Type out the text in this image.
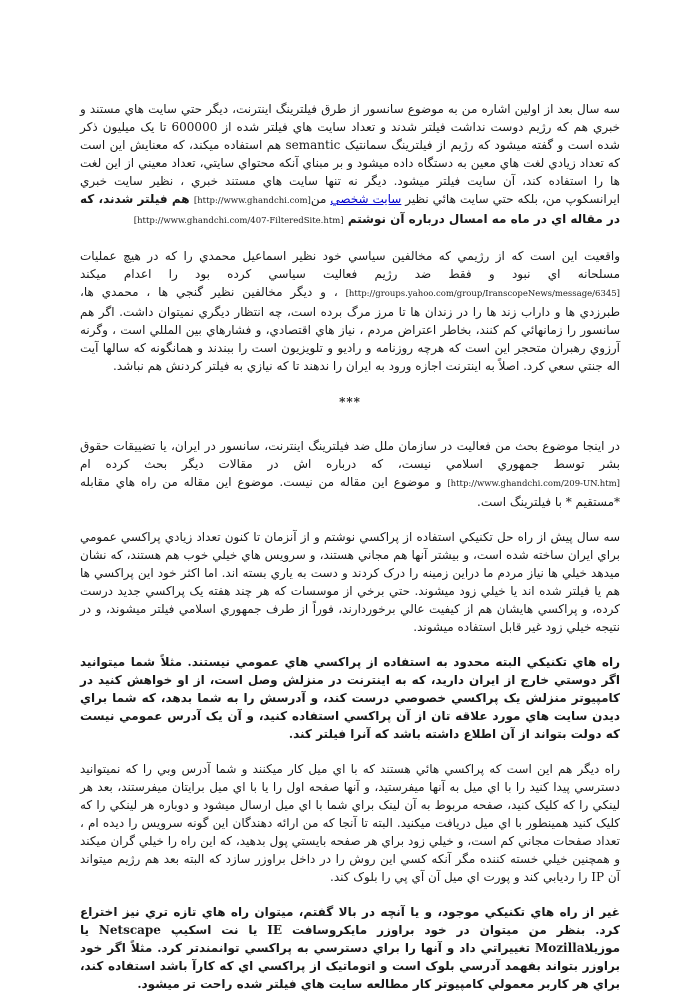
سه سال بعد از اولين اشاره من به موضوع سانسور از طرق فيلترينگ اينترنت، ديگر حتي سايت هاي مستند و خبري هم كه رژيم دوست نداشت فيلتر شدند و تعداد سايت هاي فيلتر شده از 600000 تا يک ميليون ذكر شده است و گفته ميشود كه رژيم از فيلترينگ سمانتيک semantic هم استفاده ميكند، كه معنايش اين است كه تعداد زيادي لغت هاي معين به دستگاه داده ميشود و بر مبناي آنكه محتواي سايتي، تعداد معيني از اين لغت ها را استفاده كند، آن سايت فيلتر ميشود. ديگر نه تنها سايت هاي مستند خبري ، نظير سايت خبري ايرانسكوپ من، بلكه حتي سايت هائي نظير سايت شخصي من[http://www.ghandchi.com] هم فيلتر شدند، كه در مقاله اي در ماه مه امسال درباره آن نوشتم [http://www.ghandchi.com/407-FilteredSite.htm]

واقعيت اين است كه از رژيمي كه مخالفين سياسي خود نظير اسماعيل محمدي را كه در هيچ عمليات مسلحانه اي نبود و فقط ضد رژيم فعاليت سياسي كرده بود را اعدام ميكند [http://groups.yahoo.com/group/IranscopeNews/message/6345] ، و ديگر مخالفين نظير گنجي ها ، محمدي ها، طبرزدي ها و داراب زند ها را در زندان ها تا مرز مرگ برده است، چه انتظار ديگري نميتوان داشت. اگر هم سانسور را زمانهائي كم كنند، بخاطر اعتراض مردم ، نياز هاي اقتصادي، و فشارهاي بين المللي است ، وگرنه آرزوي رهبران متحجر اين است كه هرچه روزنامه و راديو و تلويزيون است را ببندند و همانگونه كه سالها آيت اله جنتي سعي كرد. اصلاً به اينترنت اجازه ورود به ايران را ندهند تا كه نيازي به فيلتر كردنش هم نباشد.

***

در اينجا موضوع بحث من فعاليت در سازمان ملل ضد فيلترينگ اينترنت، سانسور در ايران، يا تضييقات حقوق بشر توسط جمهوري اسلامي نيست، كه درباره اش در مقالات ديگر بحث كرده ام [http://www.ghandchi.com/209-UN.htm] و موضوع اين مقاله من نيست. موضوع اين مقاله من راه هاي مقابله *مستقيم * با فيلترينگ است.

سه سال پيش از راه حل تكنيكي استفاده از پراكسي نوشتم و از آنزمان تا كنون تعداد زيادي پراكسي عمومي براي ايران ساخته شده است، و بيشتر آنها هم مجاني هستند، و سرويس هاي خيلي خوب هم هستند، كه نشان ميدهد خيلي ها نياز مردم ما دراين زمينه را درک كردند و دست به ياري بسته اند. اما اكثر خود اين پراكسي ها هم يا فيلتر شده اند يا خيلي زود ميشوند. حتي برخي از موسسات كه هر چند هفته يک پراكسي جديد درست كرده، و پراكسي هايشان هم از كيفيت عالي برخوردارند، فوراً از طرف جمهوري اسلامي فيلتر ميشوند، و در نتيجه خيلي زود غير قابل استفاده ميشوند.

راه هاي تكنيكي البته محدود به استفاده از پراكسي هاي عمومي نيستند. مثلاً شما ميتوانيد اگر دوستي خارج از ايران داريد، كه به اينترنت در منزلش وصل است، از او خواهش كنيد در كامپيوتر منزلش يک پراكسي خصوصي درست كند، و آدرسش را به شما بدهد، كه شما براي ديدن سايت هاي مورد علاقه تان از آن پراكسي استفاده كنيد، و آن يک آدرس عمومي نيست كه دولت بتواند از آن اطلاع داشته باشد كه آنرا فيلتر كند.

راه ديگر هم اين است كه پراكسي هائي هستند كه با اي ميل كار ميكنند و شما آدرس وبي را كه نميتوانيد دسترسي پيدا كنيد را با اي ميل به آنها ميفرستيد، و آنها صفحه اول را يا با اي ميل برايتان ميفرستند، بعد هر لينكي را كه كليک كنيد، صفحه مربوط به آن لينک براي شما با اي ميل ارسال ميشود و دوباره هر لينكي را كه كليک كنيد همينطور با اي ميل دريافت ميكنيد. البته تا آنجا كه من ارائه دهندگان اين گونه سرويس را ديده ام ، تعداد صفحات مجاني كم است، و خيلي زود براي هر صفحه بايستي پول بدهيد، كه اين راه را خيلي گران ميكند و همچنين خيلي خسته كننده مگر آنكه كسي اين روش را در داخل براوزر سازد كه البته بعد هم رژيم ميتواند آن IP را رديابي كند و پورت اي ميل آن آي پي را بلوک كند.

غير از راه هاي تكنيكي موجود، و يا آنچه در بالا گفتم، ميتوان راه هاي تازه تري نيز اختراع كرد. بنظر من ميتوان در خود براوزر مايكروسافت IE يا نت اسكيپ Netscape يا موزيلاMozilla تغييراتي داد و آنها را براي دسترسي به پراكسي توانمندتر كرد. مثلاً اگر خود براوزر بتواند بفهمد آدرسي بلوک است و اتوماتيک از پراكسي اي كه كارآ باشد استفاده كند، براي هر كاربر معمولي كامپيوتر كار مطالعه سايت هاي فيلتر شده راحت تر ميشود.
